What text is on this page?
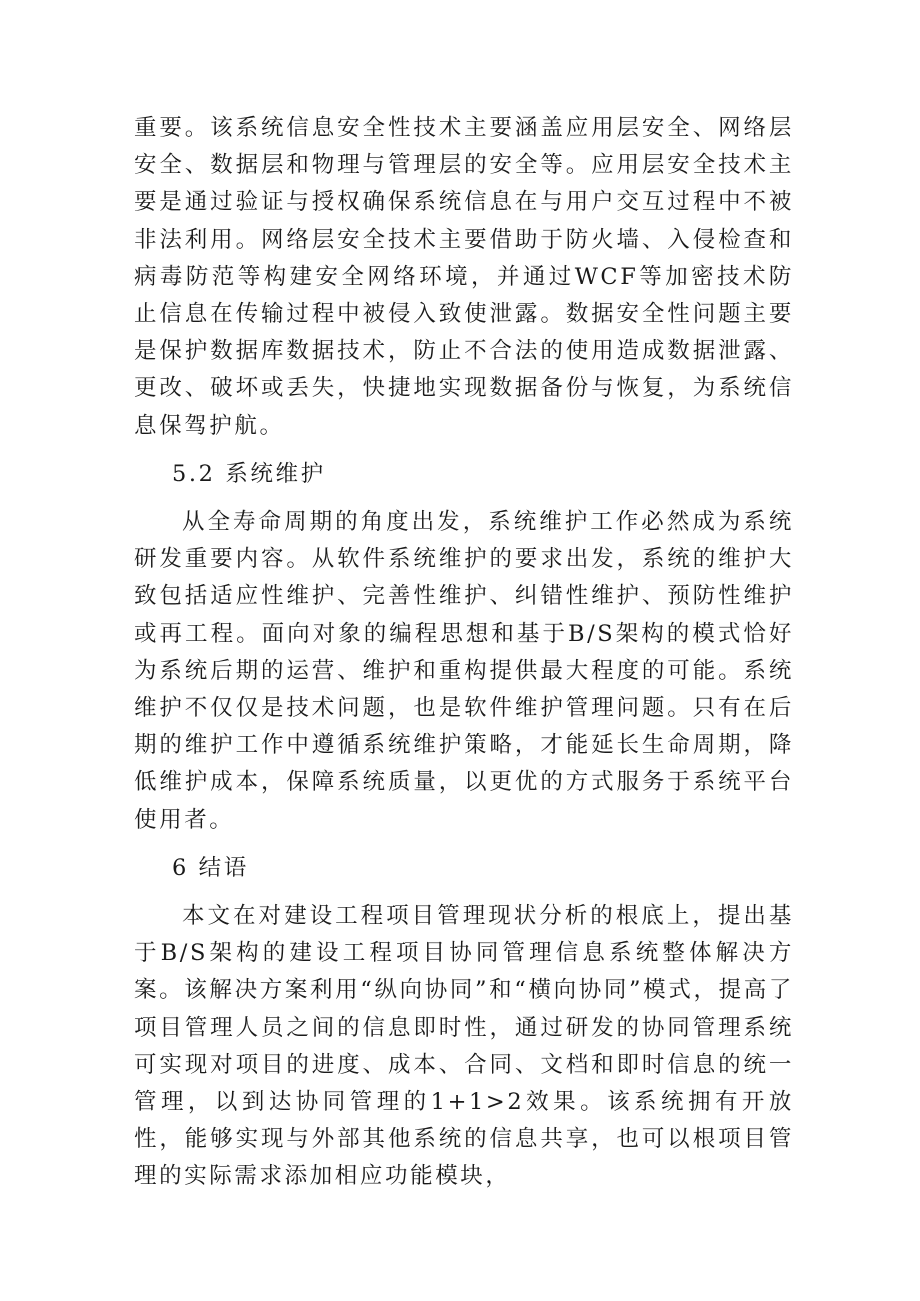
重要。该系统信息安全性技术主要涵盖应用层安全、网络层安全、数据层和物理与管理层的安全等。应用层安全技术主要是通过验证与授权确保系统信息在与用户交互过程中不被非法利用。网络层安全技术主要借助于防火墙、入侵检查和病毒防范等构建安全网络环境，并通过WCF等加密技术防止信息在传输过程中被侵入致使泄露。数据安全性问题主要是保护数据库数据技术，防止不合法的使用造成数据泄露、更改、破坏或丢失，快捷地实现数据备份与恢复，为系统信息保驾护航。

5.2 系统维护

从全寿命周期的角度出发，系统维护工作必然成为系统研发重要内容。从软件系统维护的要求出发，系统的维护大致包括适应性维护、完善性维护、纠错性维护、预防性维护或再工程。面向对象的编程思想和基于B/S架构的模式恰好为系统后期的运营、维护和重构提供最大程度的可能。系统维护不仅仅是技术问题，也是软件维护管理问题。只有在后期的维护工作中遵循系统维护策略，才能延长生命周期，降低维护成本，保障系统质量，以更优的方式服务于系统平台使用者。

6 结语

本文在对建设工程项目管理现状分析的根底上，提出基于B/S架构的建设工程项目协同管理信息系统整体解决方案。该解决方案利用“纵向协同”和“横向协同”模式，提高了项目管理人员之间的信息即时性，通过研发的协同管理系统可实现对项目的进度、成本、合同、文档和即时信息的统一管理，以到达协同管理的1+1>2效果。该系统拥有开放性，能够实现与外部其他系统的信息共享，也可以根项目管理的实际需求添加相应功能模块，
